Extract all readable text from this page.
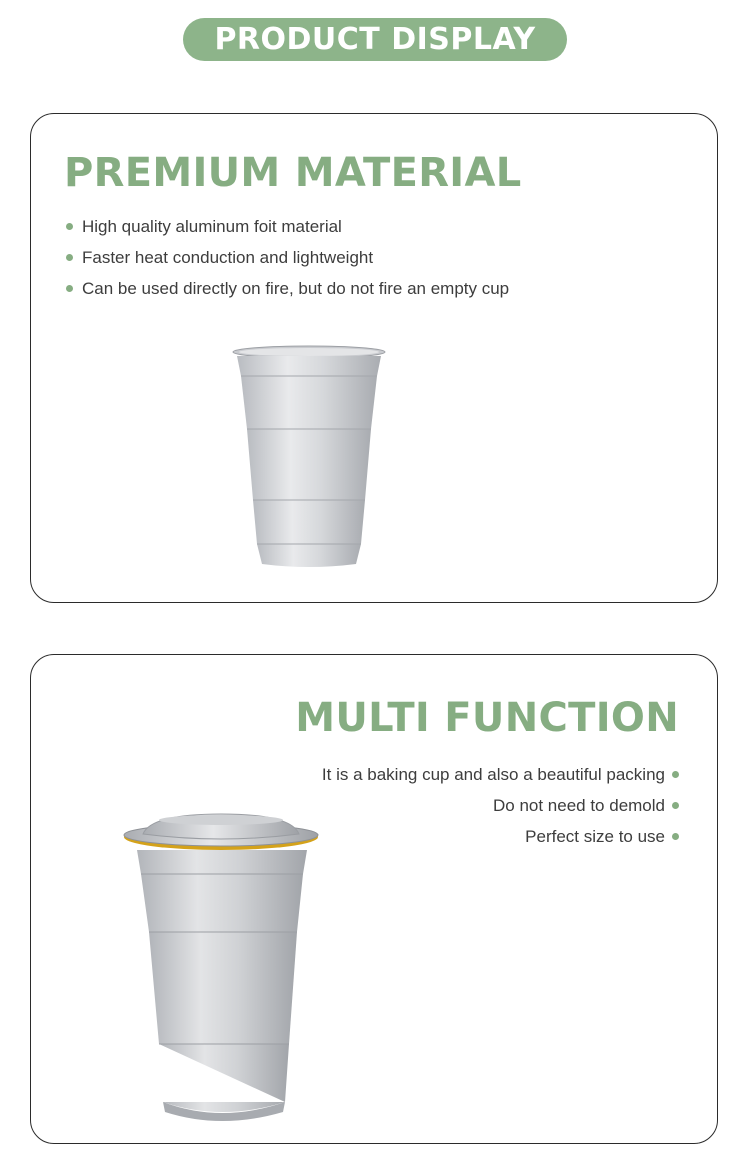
PRODUCT DISPLAY
PREMIUM MATERIAL
High quality aluminum foit material
Faster heat conduction and lightweight
Can be used directly on fire, but do not fire an empty cup
MULTI FUNCTION
It is a baking cup and also a beautiful packing
Do not need to demold
Perfect size to use
